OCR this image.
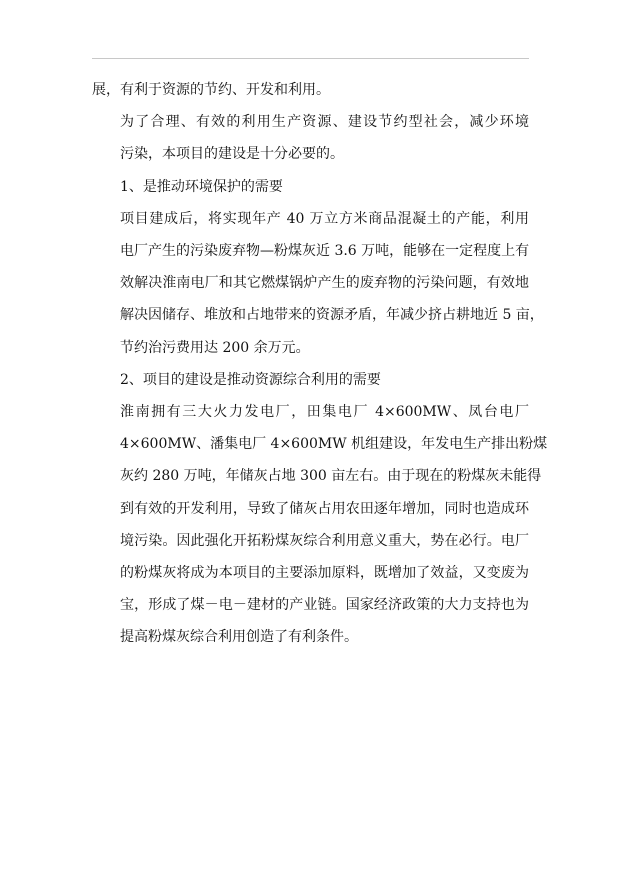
展，有利于资源的节约、开发和利用。
为了合理、有效的利用生产资源、建设节约型社会，减少环境
污染，本项目的建设是十分必要的。
1、是推动环境保护的需要
项目建成后，将实现年产 40 万立方米商品混凝土的产能，利用
电厂产生的污染废弃物—粉煤灰近 3.6 万吨，能够在一定程度上有
效解决淮南电厂和其它燃煤锅炉产生的废弃物的污染问题，有效地
解决因储存、堆放和占地带来的资源矛盾，年减少挤占耕地近 5 亩，
节约治污费用达 200 余万元。
2、项目的建设是推动资源综合利用的需要
淮南拥有三大火力发电厂，田集电厂 4×600MW、凤台电厂
4×600MW、潘集电厂 4×600MW 机组建设，年发电生产排出粉煤
灰约 280 万吨，年储灰占地 300 亩左右。由于现在的粉煤灰未能得
到有效的开发利用，导致了储灰占用农田逐年增加，同时也造成环
境污染。因此强化开拓粉煤灰综合利用意义重大，势在必行。电厂
的粉煤灰将成为本项目的主要添加原料，既增加了效益，又变废为
宝，形成了煤－电－建材的产业链。国家经济政策的大力支持也为
提高粉煤灰综合利用创造了有利条件。
